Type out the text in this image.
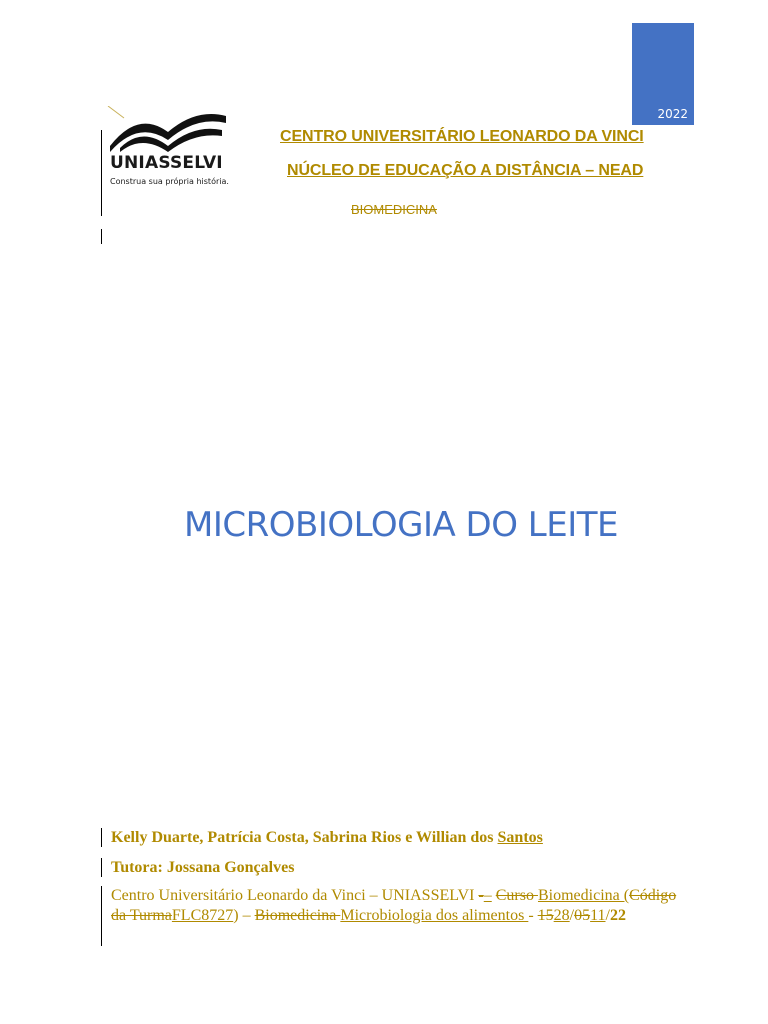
2022
UNIASSELVI
Construa sua própria história.
CENTRO UNIVERSITÁRIO LEONARDO DA VINCI
NÚCLEO DE EDUCAÇÃO A DISTÂNCIA – NEAD
BIOMEDICINA
MICROBIOLOGIA DO LEITE
Kelly Duarte, Patrícia Costa, Sabrina Rios e Willian dos Santos
Tutora: Jossana Gonçalves
Centro Universitário Leonardo da Vinci – UNIASSELVI -– Curso Biomedicina (Código da TurmaFLC8727) – Biomedicina Microbiologia dos alimentos - 1528/0511/22
